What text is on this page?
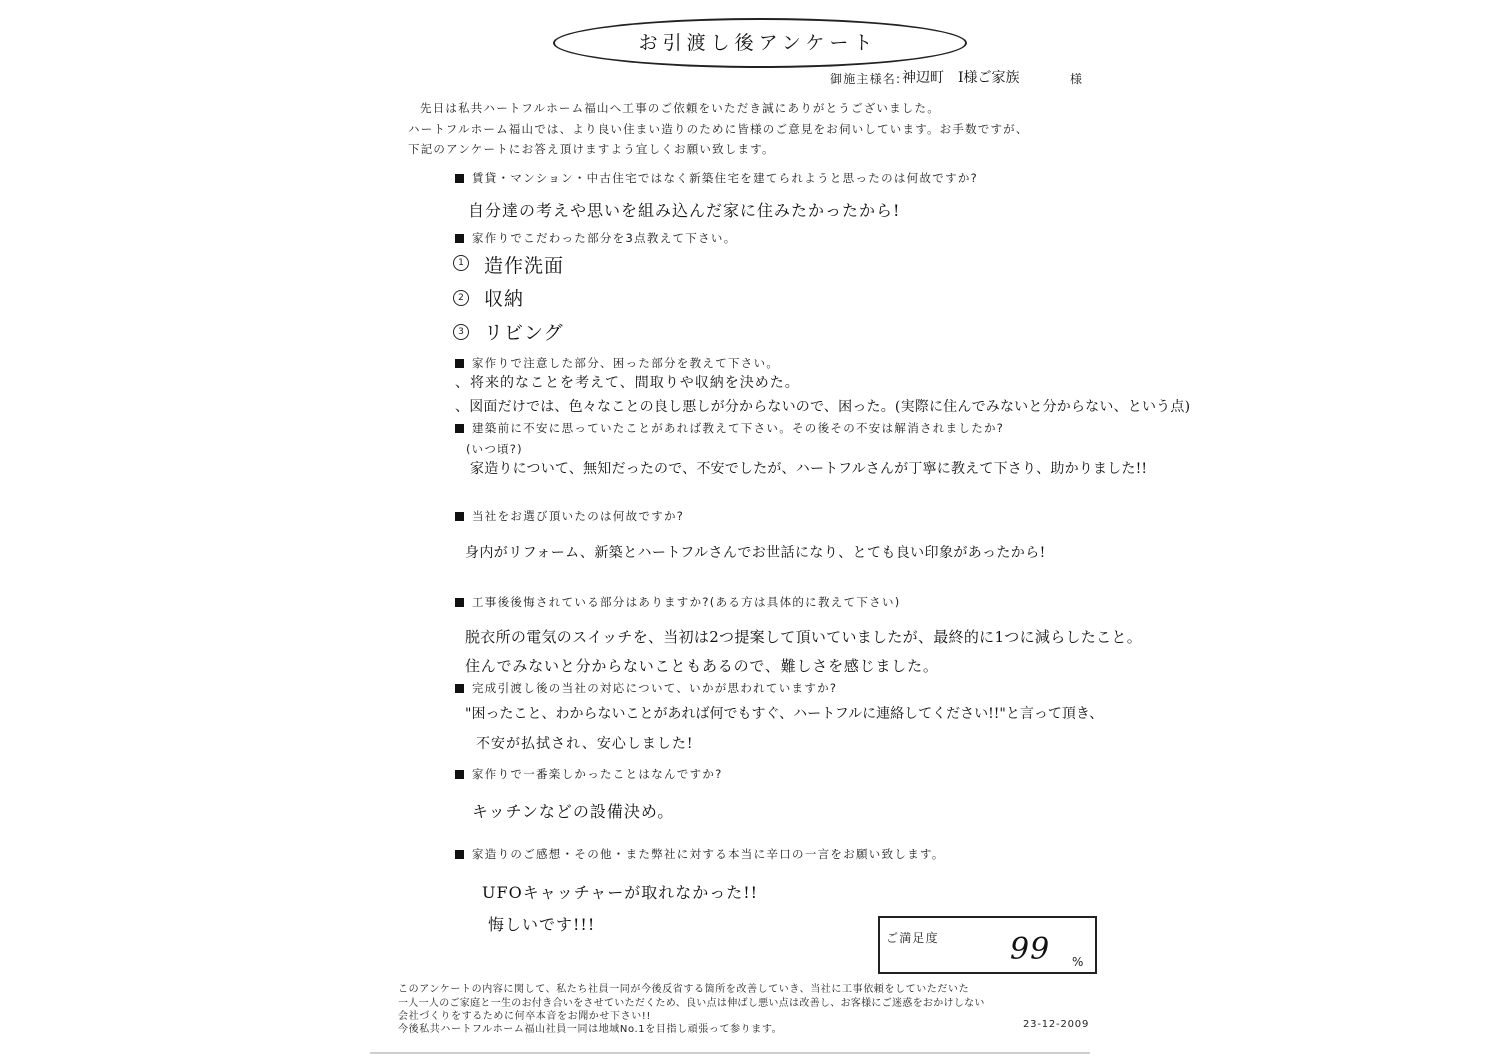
お引渡し後アンケート
御施主様名: 神辺町　I様ご家族	様
先日は私共ハートフルホーム福山へ工事のご依頼をいただき誠にありがとうございました。
ハートフルホーム福山では、より良い住まい造りのために皆様のご意見をお伺いしています。お手数ですが、
下記のアンケートにお答え頂けますよう宜しくお願い致します。
賃貸・マンション・中古住宅ではなく新築住宅を建てられようと思ったのは何故ですか?
自分達の考えや思いを組み込んだ家に住みたかったから!
家作りでこだわった部分を3点教えて下さい。
1 造作洗面
2 収納
3 リビング
家作りで注意した部分、困った部分を教えて下さい。
、将来的なことを考えて、間取りや収納を決めた。
、図面だけでは、色々なことの良し悪しが分からないので、困った。(実際に住んでみないと分からない、という点)
建築前に不安に思っていたことがあれば教えて下さい。その後その不安は解消されましたか?
(いつ頃?)
家造りについて、無知だったので、不安でしたが、ハートフルさんが丁寧に教えて下さり、助かりました!!
当社をお選び頂いたのは何故ですか?
身内がリフォーム、新築とハートフルさんでお世話になり、とても良い印象があったから!
工事後後悔されている部分はありますか?(ある方は具体的に教えて下さい)
脱衣所の電気のスイッチを、当初は2つ提案して頂いていましたが、最終的に1つに減らしたこと。
住んでみないと分からないこともあるので、難しさを感じました。
完成引渡し後の当社の対応について、いかが思われていますか?
"困ったこと、わからないことがあれば何でもすぐ、ハートフルに連絡してください!!"と言って頂き、
不安が払拭され、安心しました!
家作りで一番楽しかったことはなんですか?
キッチンなどの設備決め。
家造りのご感想・その他・また弊社に対する本当に辛口の一言をお願い致します。
UFOキャッチャーが取れなかった!!
悔しいです!!!
ご満足度 99 %
このアンケートの内容に関して、私たち社員一同が今後反省する箇所を改善していき、当社に工事依頼をしていただいた
一人一人のご家庭と一生のお付き合いをさせていただくため、良い点は伸ばし悪い点は改善し、お客様にご迷惑をおかけしない
会社づくりをするために何卒本音をお聞かせ下さい!!
今後私共ハートフルホーム福山社員一同は地域No.1を目指し頑張って参ります。	23-12-2009
